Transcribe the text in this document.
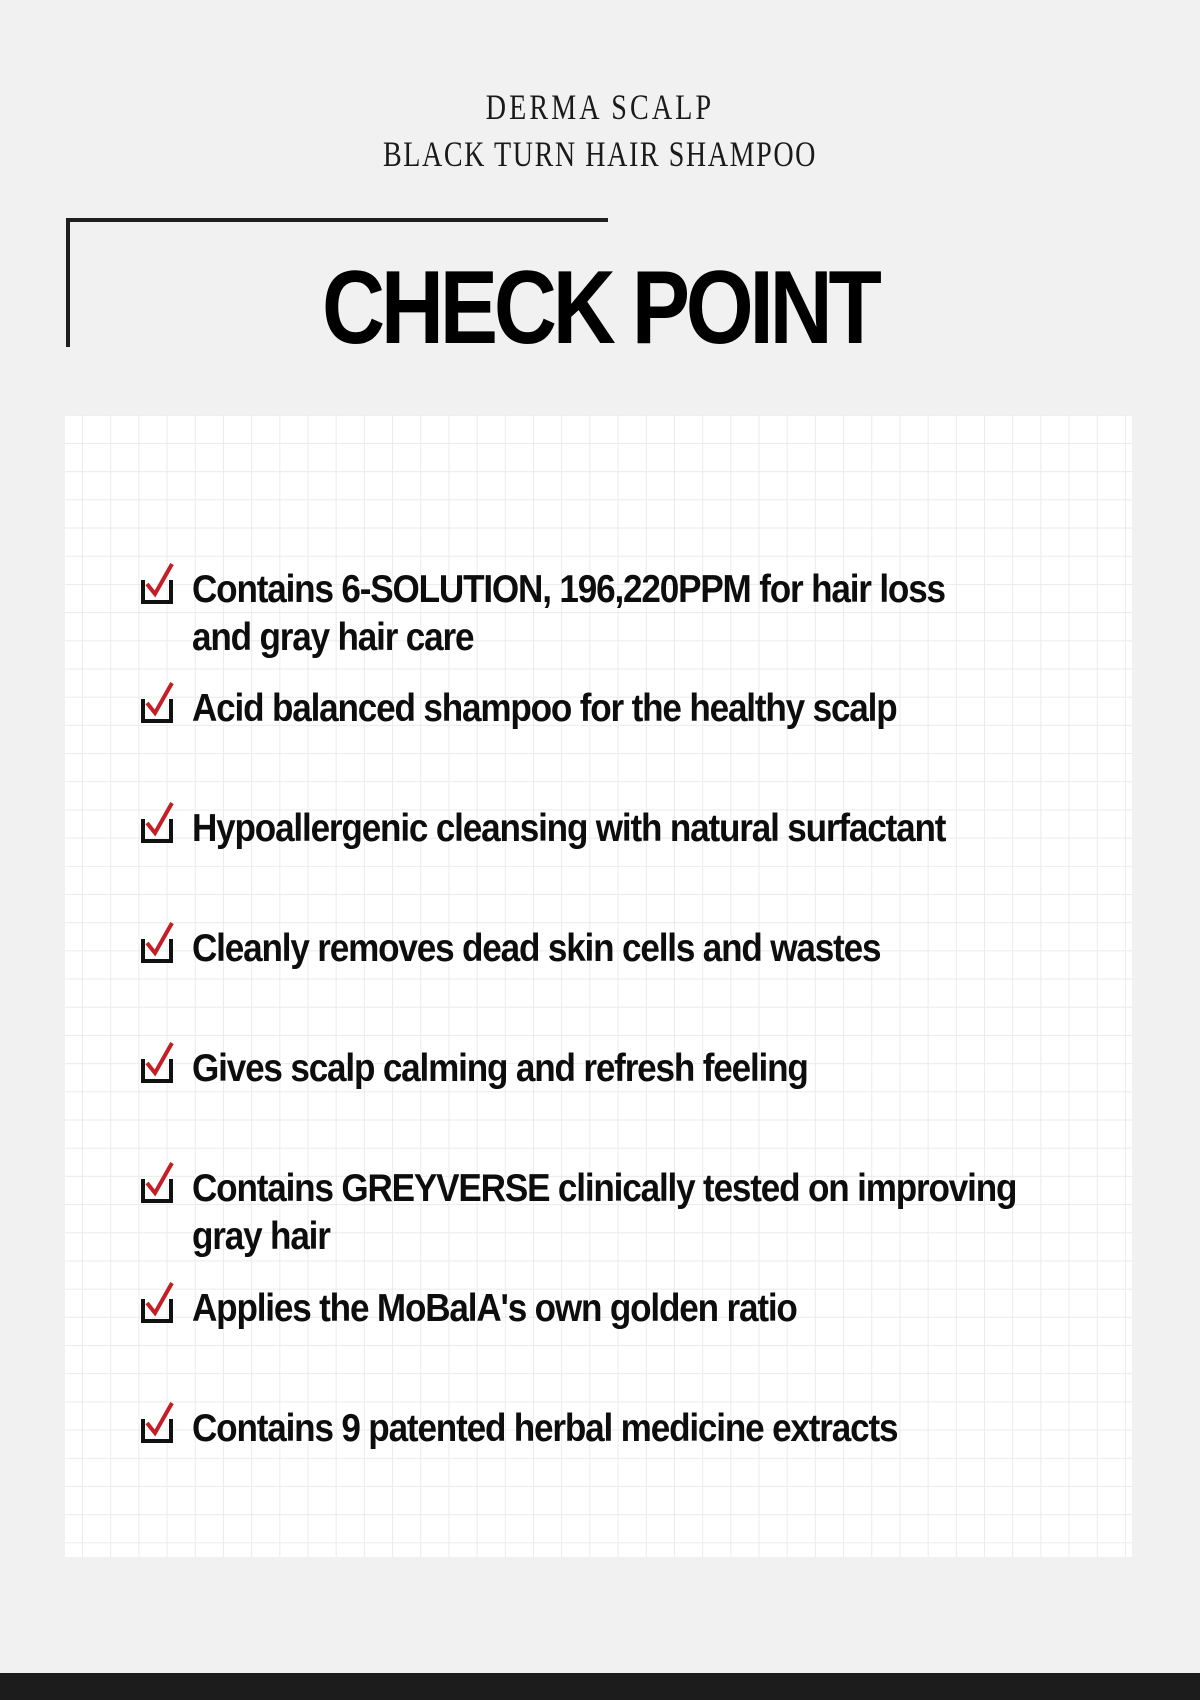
DERMA SCALP
BLACK TURN HAIR SHAMPOO
CHECK POINT
Contains 6-SOLUTION, 196,220PPM for hair loss
and gray hair care
Acid balanced shampoo for the healthy scalp
Hypoallergenic cleansing with natural surfactant
Cleanly removes dead skin cells and wastes
Gives scalp calming and refresh feeling
Contains GREYVERSE clinically tested on improving
gray hair
Applies the MoBalA's own golden ratio
Contains 9 patented herbal medicine extracts
